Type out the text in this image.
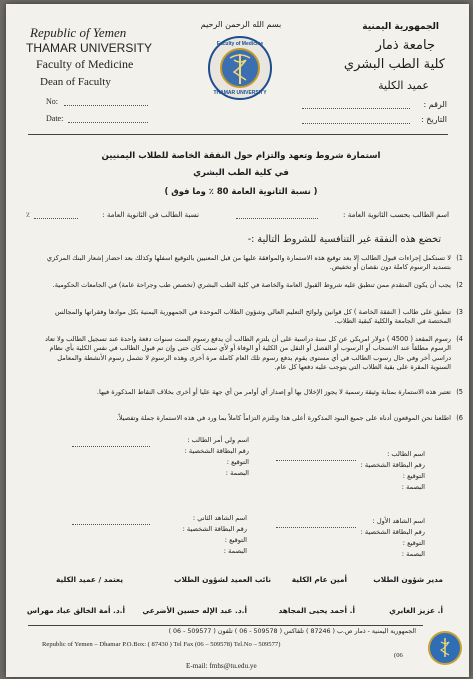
Republic of Yemen
THAMAR UNIVERSITY
Faculty of Medicine
Dean of Faculty
No:
Date:
بسم الله الرحمن الرحيم
Faculty of Medicine
THAMAR UNIVERSITY
الجمهورية اليمنية
جامعة ذمار
كلية الطب البشري
عميد الكلية
الرقم :
التاريخ :
استمارة شروط وتعهد والتزام حول النفقة الخاصة للطلاب اليمنيين
في كلية الطب البشري
( نسبة الثانوية العامة 80 ٪ وما فوق )
اسم الطالب بحسب الثانوية العامة :
نسبة الطالب في الثانوية العامة :
٪
تخضع هذه النفقة غير التنافسية للشروط التالية :-
1)
لا تستكمل إجراءات قبول الطالب إلا بعد توقيع هذه الاستمارة والموافقة عليها من قبل المعنيين بالتوقيع اسفلها وكذلك بعد احضار إشعار البنك المركزي بتسديد الرسوم كاملة دون نقصان أو تخفيض.
2)
يجب أن يكون المتقدم ممن تنطبق عليه شروط القبول العامة والخاصة في كلية الطب البشري (تخصص طب وجراحة عامة) في الجامعات الحكومية.
3)
تنطبق على طالب ( النفقة الخاصة ) كل قوانين ولوائح التعليم العالي وشؤون الطلاب الموحدة في الجمهورية اليمنية بكل موادها وفقراتها والمجالس المختصة في الجامعة والكلية كبقية الطلاب.
4)
رسوم المقعد ( 4500 ) دولار امريكي عن كل سنة دراسية على أن يلتزم الطالب أن يدفع رسوم الست سنوات دفعة واحدة عند تسجيل الطالب ولا تعاد الرسوم مطلقاً عند الانسحاب أو الرسوب أو الفصل أو النقل من الكلية أو الوفاة أو لأي سبب كان حتى وإن تم قبول الطالب في نفس الكلية بأي نظام دراسي آخر وفي حال رسوب الطالب في أي مستوى يقوم بدفع رسوم تلك العام كاملة مرة أخرى وهذه الرسوم لا تشمل رسوم الأنشطة والمعامل السنوية المقرة على بقية الطلاب التي يتوجب عليه دفعها كل عام.
5)
تعتبر هذه الاستمارة بمثابة وثيقة رسمية لا يجوز الإخلال بها أو إصدار أي أوامر من أي جهة عليا أو أخرى بخلاف النقاط المذكورة فيها.
6)
اطلعنا نحن الموقعون أدناه على جميع البنود المذكورة أعلى هذا ونلتزم التزاماً كاملاً بما ورد في هذه الاستمارة جملة وتفصيلاً.
اسم الطالب :
رقم البطاقة الشخصية :
التوقيع :
البصمة :
اسم ولي أمر الطالب :
رقم البطاقة الشخصية :
التوقيع :
البصمة :
اسم الشاهد الأول :
رقم البطاقة الشخصية :
التوقيع :
البصمة :
اسم الشاهد الثاني :
رقم البطاقة الشخصية :
التوقيع :
البصمة :
مدير شؤون الطلاب
أمين عام الكلية
نائب العميد لشؤون الطلاب
يعتمد / عميد الكلية
أ. عزيز الغابري
أ. أحمد يحيى المجاهد
أ.د. عبد الإله حسين الأضرعي
أ.د. أمة الخالق عباد مهراس
الجمهورية اليمنية - ذمار ص.ب ( 87246 ) تلفاكس ( 509578 - 06 ) تلفون ( 509577 - 06 )
Republic of Yemen – Dhamar P.O.Box: ( 87430 ) Tel Fax (06 – 509578) Tel.No – 509577)
(06
E-mail: fmhs@tu.edu.ye
